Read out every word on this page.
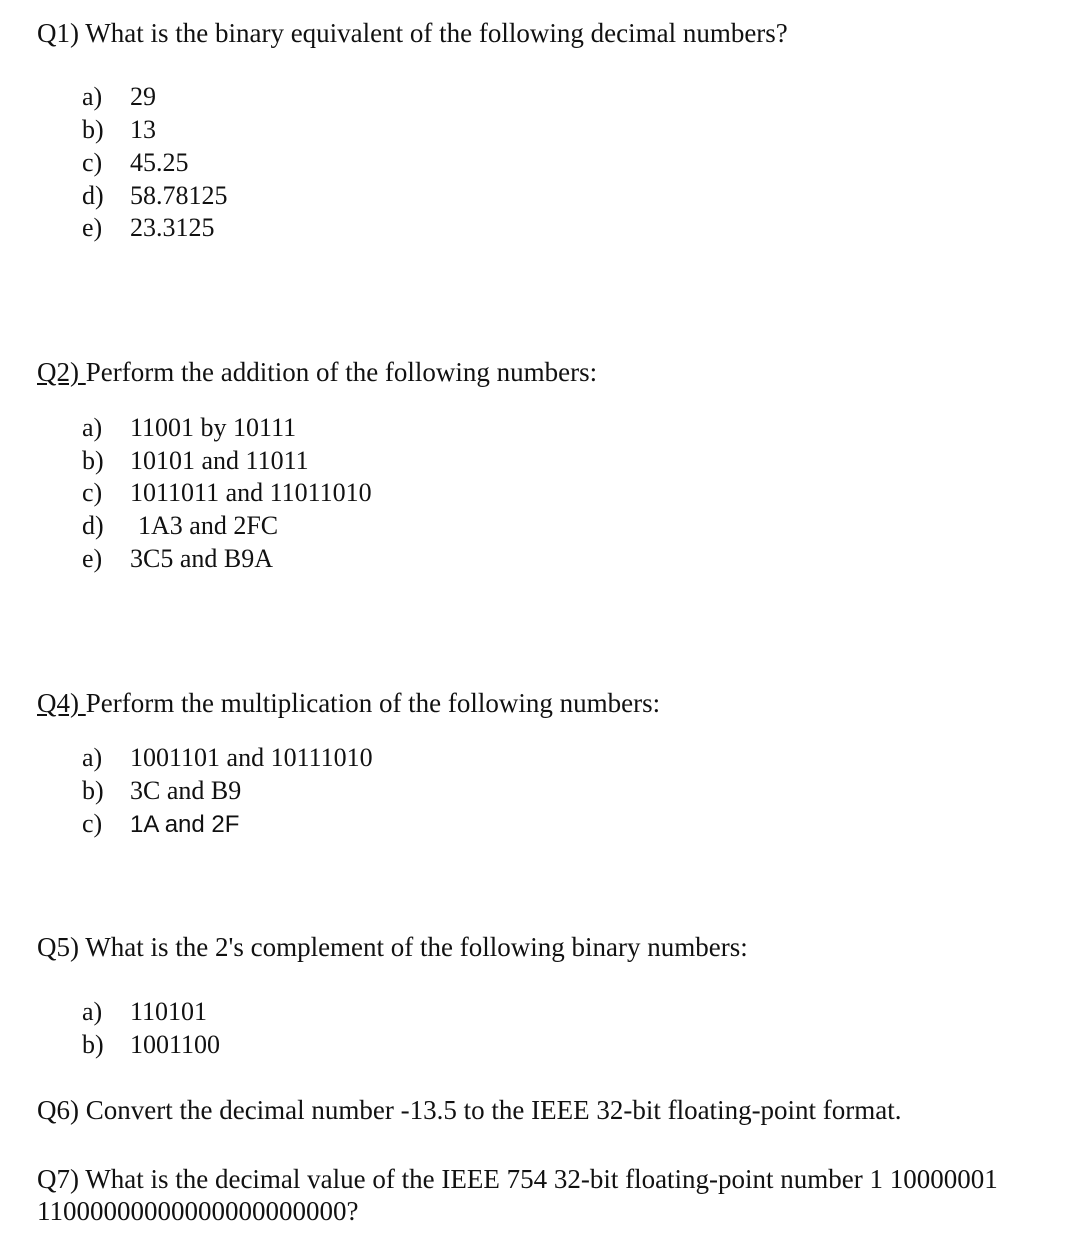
Q1) What is the binary equivalent of the following decimal numbers?
a) 29
b) 13
c) 45.25
d) 58.78125
e) 23.3125
Q2) Perform the addition of the following numbers:
a) 11001 by 10111
b) 10101 and 11011
c) 1011011 and 11011010
d) 1A3 and 2FC
e) 3C5 and B9A
Q4) Perform the multiplication of the following numbers:
a) 1001101 and 10111010
b) 3C and B9
c) 1A and 2F
Q5) What is the 2's complement of the following binary numbers:
a) 110101
b) 1001100
Q6) Convert the decimal number -13.5 to the IEEE 32-bit floating-point format.
Q7) What is the decimal value of the IEEE 754 32-bit floating-point number 1 10000001
11000000000000000000000?
